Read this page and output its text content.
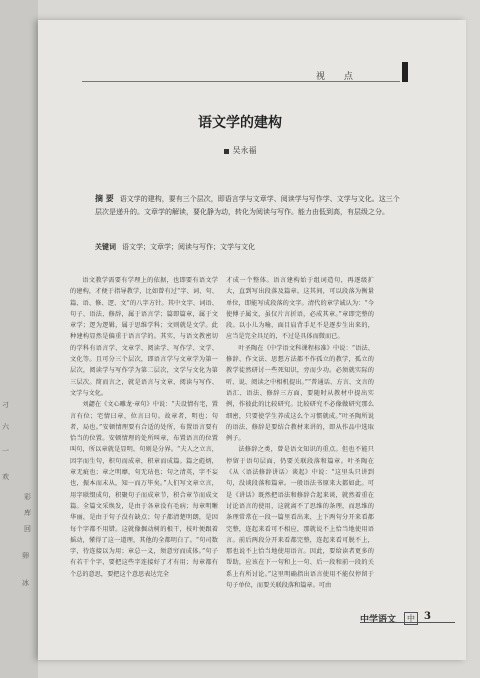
刁
六
一
欢
彩
库
回
卵
冰
视 点
语文学的建构
吴永福
摘 要 语文学的建构，要有三个层次，即语言学与文章学、阅读学与写作学、文学与文化。这三个层次是递升的。文章学的解读，要化静为动，转化为阅读与写作。能力由低到高，有层级之分。
关键词 语文学；文章学；阅读与写作；文学与文化

语文教学需要有学理上的依据，也即要有语文学的建构，才便于指导教学，比如曾有过“字、词、句、篇、语、修、逻、文”的八字方针。其中文字、词语、句子、语法、修辞，属于语言学；篇即篇章，属于文章学；逻为逻辑，属于思维学科；文则就是文学。此种建构显然是偏重于语言学的。其实，与语文教密切的学科有语言学、文章学、阅读学、写作学、文学、文化等。且可分三个层次，即语言学与文章学为第一层次，阅读学与写作学为第二层次，文学与文化为第三层次。简而言之，就是语言与文章、阅读与写作、文学与文化。

刘勰在《文心雕龙·章句》中说：“夫设情有宅，置言有位；宅情曰章，位言曰句。故章者，明也；句者，局也。”安顿情理要有合适的处所，布置语言要有恰当的位置。安顿情理的处所叫章，布置语言的位置叫句，所以章就是显明，句则是分界。“夫人之立言，因字而生句，积句而成章，积章而成篇。篇之彪炳，章无疵也；章之明靡，句无玷也；句之清英，字不妄也，振本而末从，知一而万毕矣。”人们写文章立言，用字联缀成句，积聚句子而成章节，积合章节而成文篇。全篇文采焕发，是由于各章没有毛病；每章明晰华丽，是由于句子没有缺点；句子都清楚明朗，是因每个字都不用错。这就像掘动树的根干，枝叶便跟着摇动，懂得了这一道理，其他的全都明白了。“句司数字，待连接以为用；章总一义，须意穷而成体。”句子有若干个字，要把这些字连接好了才有用；每章都有个总的意思，要把这个意思表达完全

才成一个整体。语言建构始于组词造句，再逐级扩大，直到写出段落及篇章。这其间，可以段落为衡量单位，即能写成段落的文字。清代的章学诚认为：“今使傅子属文，虽仅片言折语，必成其章。”章即完整的段。以小儿为喻，面目肩背手足不是逐步生出来的，应当是完全具足的，不过是具体而微而已。

叶圣陶在《中学语文科课程标准》中说：“语法、修辞、作文法、思想方法都不作孤立的教学，孤立的教学徒然研讨一些死知识，旁而少功。必须就实际的听、说、阅读之中相机提出。”“普通话、方言、文言的语汇、语法、修辞三方面，要随时从教材中提出实例，作彼此的比较研究。比较研究不必像做研究那么细密，只要使学生养成这么个习惯就成。”叶圣陶所说的语法、修辞是要结合教材来讲的，即从作品中选取例子。

法修辞之类，曾是语文知识的重点。但也不能只停留于语句层面，仍要关联段落和篇章。叶圣陶在《从〈语法修辞讲话〉谈起》中说：“这里头只讲到句，没谈段落和篇章。一般语法书原来大都如此。可是《讲话》既然把语法和修辞合起来谈，就然着重在讨论语言的使用，这就离不了思维的条理，而思维的条理常常在一段一篇里看出来，上下两句分开来看都完整，连起来看可不相应，那就说不上恰当地使用语言。前后两段分开来看都完整，连起来看可脱不上，那也说不上恰当地使用语言。因此，要给读者更多的帮助，应该在下一句和上一句、后一段和前一段的关系上有所讨论。”这里明确指出语言使用不能仅停留于句子单位，而要关联段落和篇章。可由

中学语文	中 3
